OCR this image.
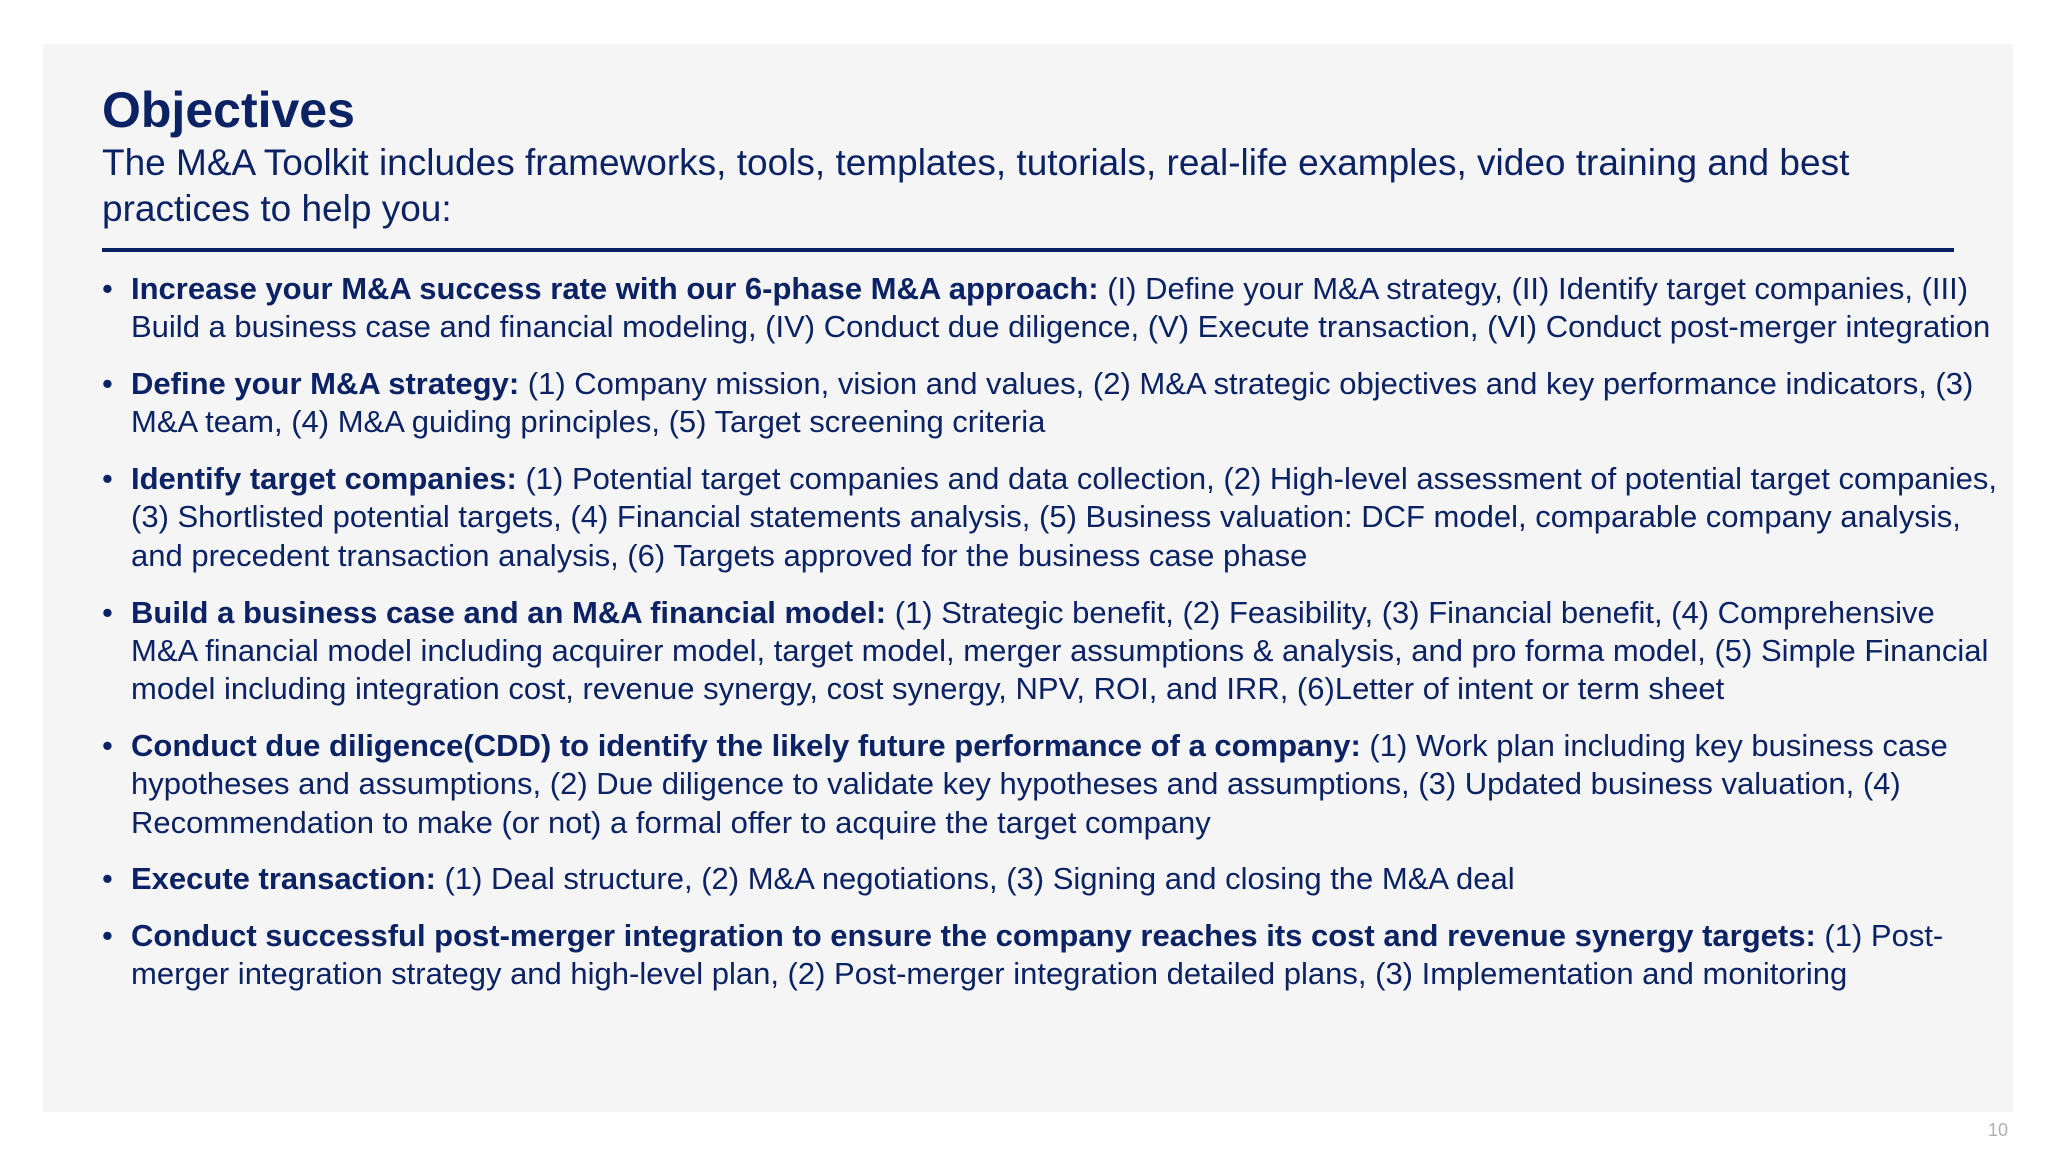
Objectives

The M&A Toolkit includes frameworks, tools, templates, tutorials, real-life examples, video training and best practices to help you:

• Increase your M&A success rate with our 6-phase M&A approach: (I) Define your M&A strategy, (II) Identify target companies, (III) Build a business case and financial modeling, (IV) Conduct due diligence, (V) Execute transaction, (VI) Conduct post-merger integration
• Define your M&A strategy: (1) Company mission, vision and values, (2) M&A strategic objectives and key performance indicators, (3) M&A team, (4) M&A guiding principles, (5) Target screening criteria
• Identify target companies: (1) Potential target companies and data collection, (2) High-level assessment of potential target companies, (3) Shortlisted potential targets, (4) Financial statements analysis, (5) Business valuation: DCF model, comparable company analysis, and precedent transaction analysis, (6) Targets approved for the business case phase
• Build a business case and an M&A financial model: (1) Strategic benefit, (2) Feasibility, (3) Financial benefit, (4) Comprehensive M&A financial model including acquirer model, target model, merger assumptions & analysis, and pro forma model, (5) Simple Financial model including integration cost, revenue synergy, cost synergy, NPV, ROI, and IRR, (6)Letter of intent or term sheet
• Conduct due diligence(CDD) to identify the likely future performance of a company: (1) Work plan including key business case hypotheses and assumptions, (2) Due diligence to validate key hypotheses and assumptions, (3) Updated business valuation, (4) Recommendation to make (or not) a formal offer to acquire the target company
• Execute transaction: (1) Deal structure, (2) M&A negotiations, (3) Signing and closing the M&A deal
• Conduct successful post-merger integration to ensure the company reaches its cost and revenue synergy targets: (1) Post-merger integration strategy and high-level plan, (2) Post-merger integration detailed plans, (3) Implementation and monitoring
10
